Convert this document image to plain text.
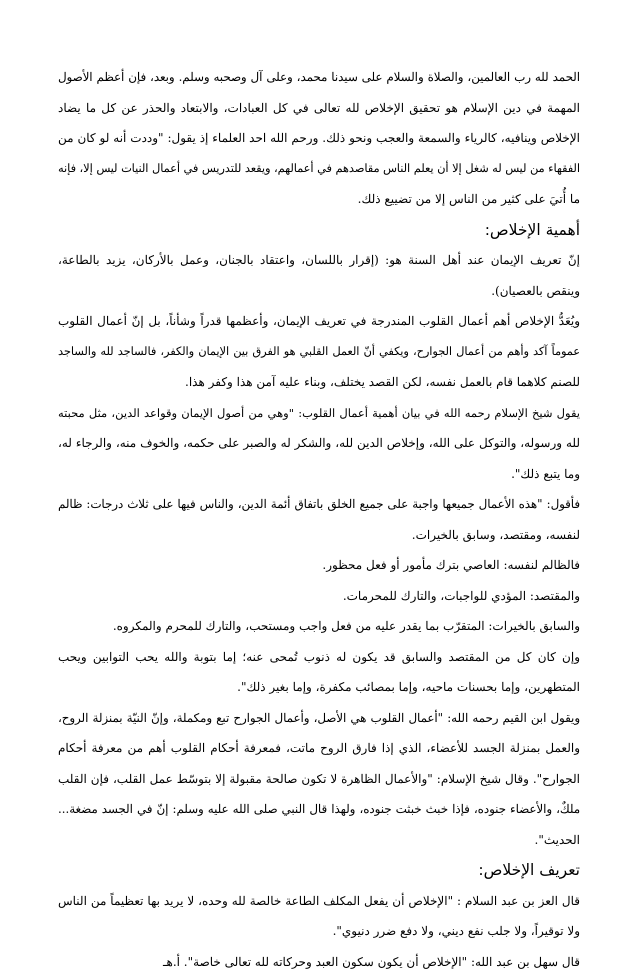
الحمد لله رب العالمين، والصلاة والسلام على سيدنا محمد، وعلى آل وصحبه وسلم. وبعد، فإن أعظم الأصول
المهمة في دين الإسلام هو تحقيق الإخلاص لله تعالى في كل العبادات، والابتعاد والحذر عن كل ما يضاد
الإخلاص وينافيه، كالرياء والسمعة والعجب ونحو ذلك. ورحم الله احد العلماء إذ يقول: "وددت أنه لو كان من
الفقهاء من ليس له شغل إلا أن يعلم الناس مقاصدهم في أعمالهم، ويقعد للتدريس في أعمال النيات ليس إلا، فإنه
ما أُتيَ على كثير من الناس إلا من تضييع ذلك.
أهمية الإخلاص:
إنّ تعريف الإيمان عند أهل السنة هو: (إقرار باللسان، واعتقاد بالجنان، وعمل بالأركان، يزيد بالطاعة،
وينقص بالعصيان).
ويُعَدُّ الإخلاص أهم أعمال القلوب المندرجة في تعريف الإيمان، وأعظمها قدراً وشأناً، بل إنّ أعمال القلوب
عموماً آكد وأهم من أعمال الجوارح، ويكفي أنّ العمل القلبي هو الفرق بين الإيمان والكفر، فالساجد لله والساجد
للصنم كلاهما قام بالعمل نفسه، لكن القصد يختلف، وبناء عليه آمن هذا وكفر هذا.
يقول شيخ الإسلام رحمه الله في بيان أهمية أعمال القلوب: "وهي من أصول الإيمان وقواعد الدين، مثل محبته
لله ورسوله، والتوكل على الله، وإخلاص الدين لله، والشكر له والصبر على حكمه، والخوف منه، والرجاء له،
وما يتبع ذلك".
فأقول: "هذه الأعمال جميعها واجبة على جميع الخلق باتفاق أئمة الدين، والناس فيها على ثلاث درجات: ظالم
لنفسه، ومقتصد، وسابق بالخيرات.
فالظالم لنفسه: العاصي بترك مأمور أو فعل محظور.
والمقتصد: المؤدي للواجبات، والتارك للمحرمات.
والسابق بالخيرات: المتقرّب بما يقدر عليه من فعل واجب ومستحب، والتارك للمحرم والمكروه.
وإن كان كل من المقتصد والسابق قد يكون له ذنوب تُمحى عنه؛ إما بتوبة والله يحب التوابين ويحب
المتطهرين، وإما بحسنات ماحيه، وإما بمصائب مكفرة، وإما بغير ذلك".
ويقول ابن القيم رحمه الله: "أعمال القلوب هي الأصل، وأعمال الجوارح تبع ومكملة، وإنّ النيّة بمنزلة الروح،
والعمل بمنزلة الجسد للأعضاء، الذي إذا فارق الروح ماتت، فمعرفة أحكام القلوب أهم من معرفة أحكام
الجوارح". وقال شيخ الإسلام: "والأعمال الظاهرة لا تكون صالحة مقبولة إلا بتوسّط عمل القلب، فإن القلب
ملكٌ، والأعضاء جنوده، فإذا خبث خبثت جنوده، ولهذا قال النبي صلى الله عليه وسلم: إنّ في الجسد مضغة...
الحديث".
تعريف الإخلاص:
قال العز بن عبد السلام : "الإخلاص أن يفعل المكلف الطاعة خالصة لله وحده، لا يريد بها تعظيماً من الناس
ولا توقيراً، ولا جلب نفع ديني، ولا دفع ضرر دنيوي".
قال سهل بن عبد الله: "الإخلاص أن يكون سكون العبد وحركاته لله تعالى خاصة". أ.هـ
